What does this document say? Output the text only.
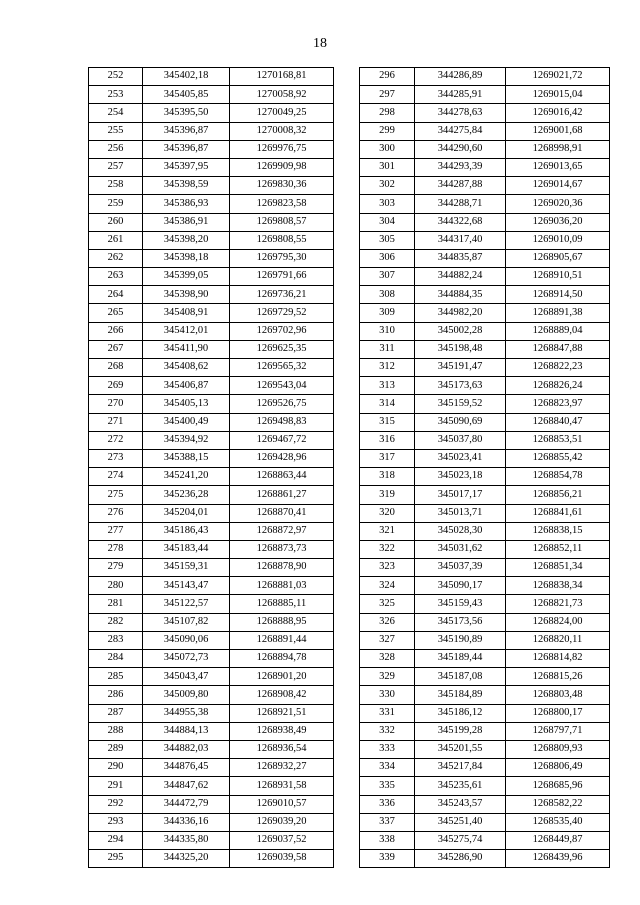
18
252	345402,18	1270168,81
253	345405,85	1270058,92
254	345395,50	1270049,25
255	345396,87	1270008,32
256	345396,87	1269976,75
257	345397,95	1269909,98
258	345398,59	1269830,36
259	345386,93	1269823,58
260	345386,91	1269808,57
261	345398,20	1269808,55
262	345398,18	1269795,30
263	345399,05	1269791,66
264	345398,90	1269736,21
265	345408,91	1269729,52
266	345412,01	1269702,96
267	345411,90	1269625,35
268	345408,62	1269565,32
269	345406,87	1269543,04
270	345405,13	1269526,75
271	345400,49	1269498,83
272	345394,92	1269467,72
273	345388,15	1269428,96
274	345241,20	1268863,44
275	345236,28	1268861,27
276	345204,01	1268870,41
277	345186,43	1268872,97
278	345183,44	1268873,73
279	345159,31	1268878,90
280	345143,47	1268881,03
281	345122,57	1268885,11
282	345107,82	1268888,95
283	345090,06	1268891,44
284	345072,73	1268894,78
285	345043,47	1268901,20
286	345009,80	1268908,42
287	344955,38	1268921,51
288	344884,13	1268938,49
289	344882,03	1268936,54
290	344876,45	1268932,27
291	344847,62	1268931,58
292	344472,79	1269010,57
293	344336,16	1269039,20
294	344335,80	1269037,52
295	344325,20	1269039,58
296	344286,89	1269021,72
297	344285,91	1269015,04
298	344278,63	1269016,42
299	344275,84	1269001,68
300	344290,60	1268998,91
301	344293,39	1269013,65
302	344287,88	1269014,67
303	344288,71	1269020,36
304	344322,68	1269036,20
305	344317,40	1269010,09
306	344835,87	1268905,67
307	344882,24	1268910,51
308	344884,35	1268914,50
309	344982,20	1268891,38
310	345002,28	1268889,04
311	345198,48	1268847,88
312	345191,47	1268822,23
313	345173,63	1268826,24
314	345159,52	1268823,97
315	345090,69	1268840,47
316	345037,80	1268853,51
317	345023,41	1268855,42
318	345023,18	1268854,78
319	345017,17	1268856,21
320	345013,71	1268841,61
321	345028,30	1268838,15
322	345031,62	1268852,11
323	345037,39	1268851,34
324	345090,17	1268838,34
325	345159,43	1268821,73
326	345173,56	1268824,00
327	345190,89	1268820,11
328	345189,44	1268814,82
329	345187,08	1268815,26
330	345184,89	1268803,48
331	345186,12	1268800,17
332	345199,28	1268797,71
333	345201,55	1268809,93
334	345217,84	1268806,49
335	345235,61	1268685,96
336	345243,57	1268582,22
337	345251,40	1268535,40
338	345275,74	1268449,87
339	345286,90	1268439,96
